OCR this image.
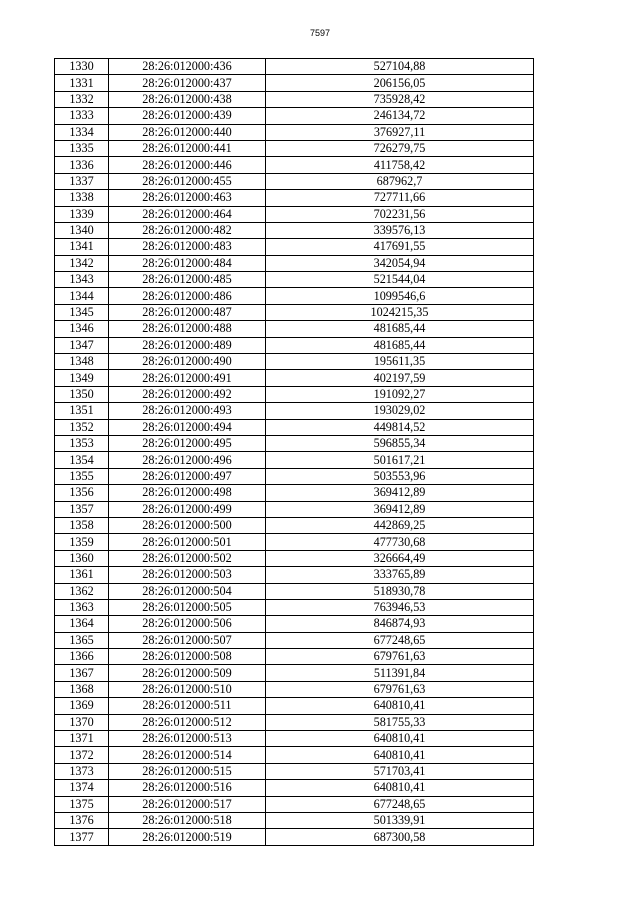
7597
1330	28:26:012000:436	527104,88
1331	28:26:012000:437	206156,05
1332	28:26:012000:438	735928,42
1333	28:26:012000:439	246134,72
1334	28:26:012000:440	376927,11
1335	28:26:012000:441	726279,75
1336	28:26:012000:446	411758,42
1337	28:26:012000:455	687962,7
1338	28:26:012000:463	727711,66
1339	28:26:012000:464	702231,56
1340	28:26:012000:482	339576,13
1341	28:26:012000:483	417691,55
1342	28:26:012000:484	342054,94
1343	28:26:012000:485	521544,04
1344	28:26:012000:486	1099546,6
1345	28:26:012000:487	1024215,35
1346	28:26:012000:488	481685,44
1347	28:26:012000:489	481685,44
1348	28:26:012000:490	195611,35
1349	28:26:012000:491	402197,59
1350	28:26:012000:492	191092,27
1351	28:26:012000:493	193029,02
1352	28:26:012000:494	449814,52
1353	28:26:012000:495	596855,34
1354	28:26:012000:496	501617,21
1355	28:26:012000:497	503553,96
1356	28:26:012000:498	369412,89
1357	28:26:012000:499	369412,89
1358	28:26:012000:500	442869,25
1359	28:26:012000:501	477730,68
1360	28:26:012000:502	326664,49
1361	28:26:012000:503	333765,89
1362	28:26:012000:504	518930,78
1363	28:26:012000:505	763946,53
1364	28:26:012000:506	846874,93
1365	28:26:012000:507	677248,65
1366	28:26:012000:508	679761,63
1367	28:26:012000:509	511391,84
1368	28:26:012000:510	679761,63
1369	28:26:012000:511	640810,41
1370	28:26:012000:512	581755,33
1371	28:26:012000:513	640810,41
1372	28:26:012000:514	640810,41
1373	28:26:012000:515	571703,41
1374	28:26:012000:516	640810,41
1375	28:26:012000:517	677248,65
1376	28:26:012000:518	501339,91
1377	28:26:012000:519	687300,58
